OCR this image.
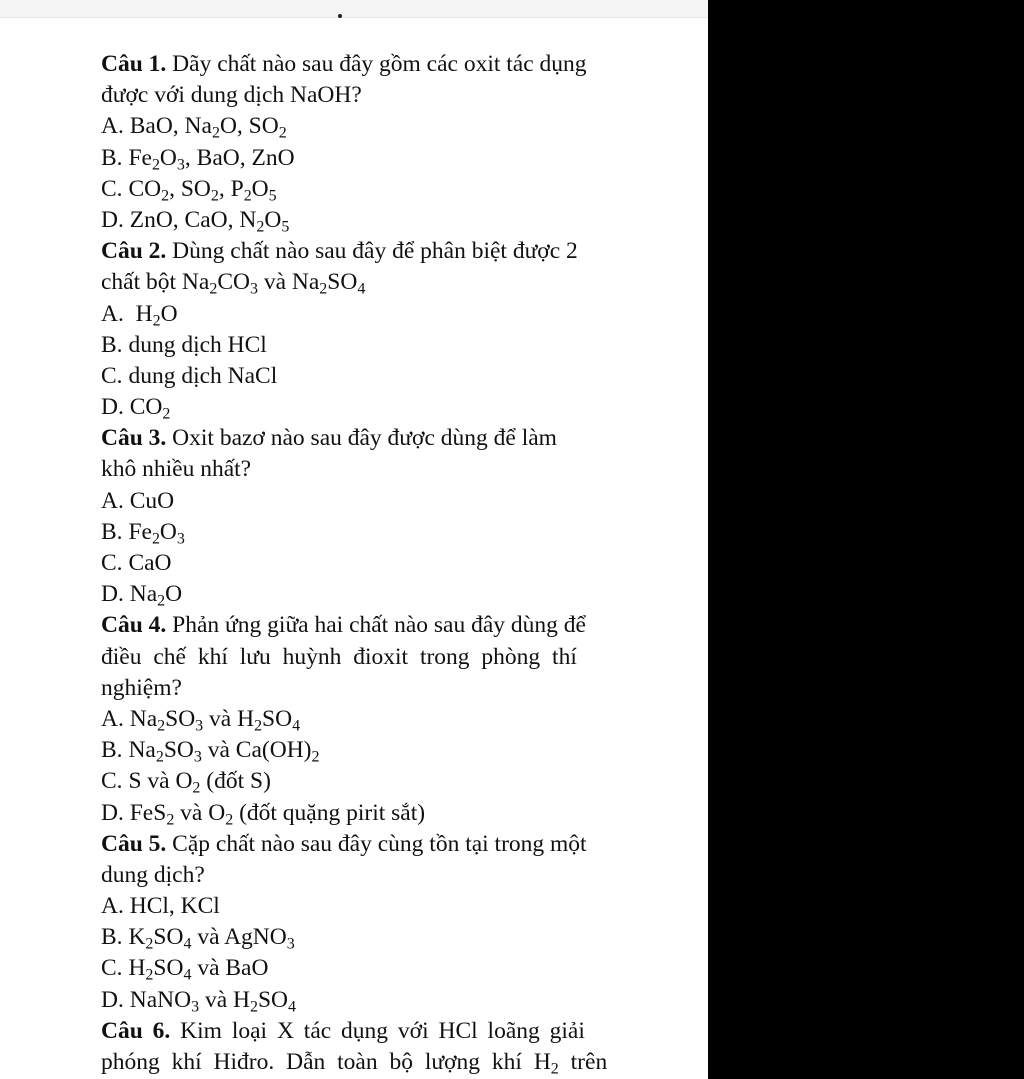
Câu 1. Dãy chất nào sau đây gồm các oxit tác dụng
được với dung dịch NaOH?
A. BaO, $Na_2O$, $SO_2$
B. $Fe_2O_3$, BaO, ZnO
C. $CO_2$, $SO_2$, $P_2O_5$
D. ZnO, CaO, $N_2O_5$
Câu 2. Dùng chất nào sau đây để phân biệt được 2
chất bột $Na_2CO_3$ và $Na_2SO_4$
A.  $H_2O$
B. dung dịch HCl
C. dung dịch NaCl
D. $CO_2$
Câu 3. Oxit bazơ nào sau đây được dùng để làm
khô nhiều nhất?
A. CuO
B. $Fe_2O_3$
C. CaO
D. $Na_2O$
Câu 4. Phản ứng giữa hai chất nào sau đây dùng để
điều chế khí lưu huỳnh đioxit trong phòng thí
nghiệm?
A. $Na_2SO_3$ và $H_2SO_4$
B. $Na_2SO_3$ và $Ca(OH)_2$
C. S và $O_2$ (đốt S)
D. FeS$_2$ và $O_2$ (đốt quặng pirit sắt)
Câu 5. Cặp chất nào sau đây cùng tồn tại trong một
dung dịch?
A. HCl, KCl
B. $K_2SO_4$ và AgNO$_3$
C. $H_2SO_4$ và BaO
D. NaNO$_3$ và $H_2SO_4$
Câu 6. Kim loại X tác dụng với HCl loãng giải
phóng khí Hiđro. Dẫn toàn bộ lượng khí $H_2$ trên
